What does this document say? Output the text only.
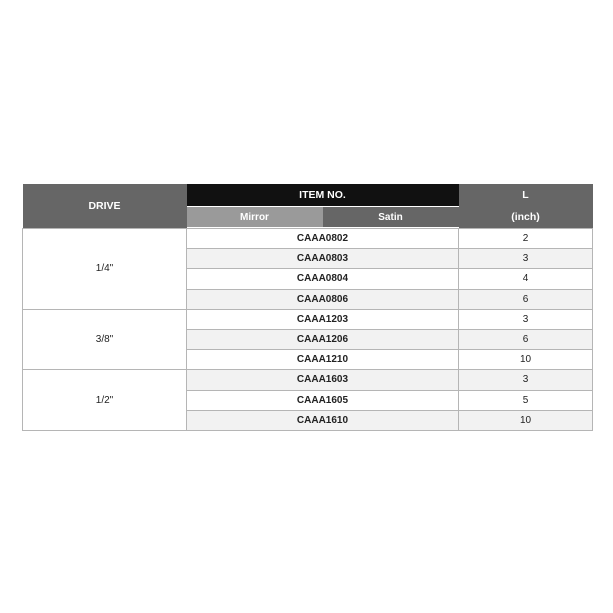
DRIVE	ITEM NO.	L

Mirror Satin	(inch)
1/4"	CAAA0802	2
	CAAA0803	3
	CAAA0804	4
	CAAA0806	6
3/8"	CAAA1203	3
	CAAA1206	6
	CAAA1210	10
1/2"	CAAA1603	3
	CAAA1605	5
	CAAA1610	10
